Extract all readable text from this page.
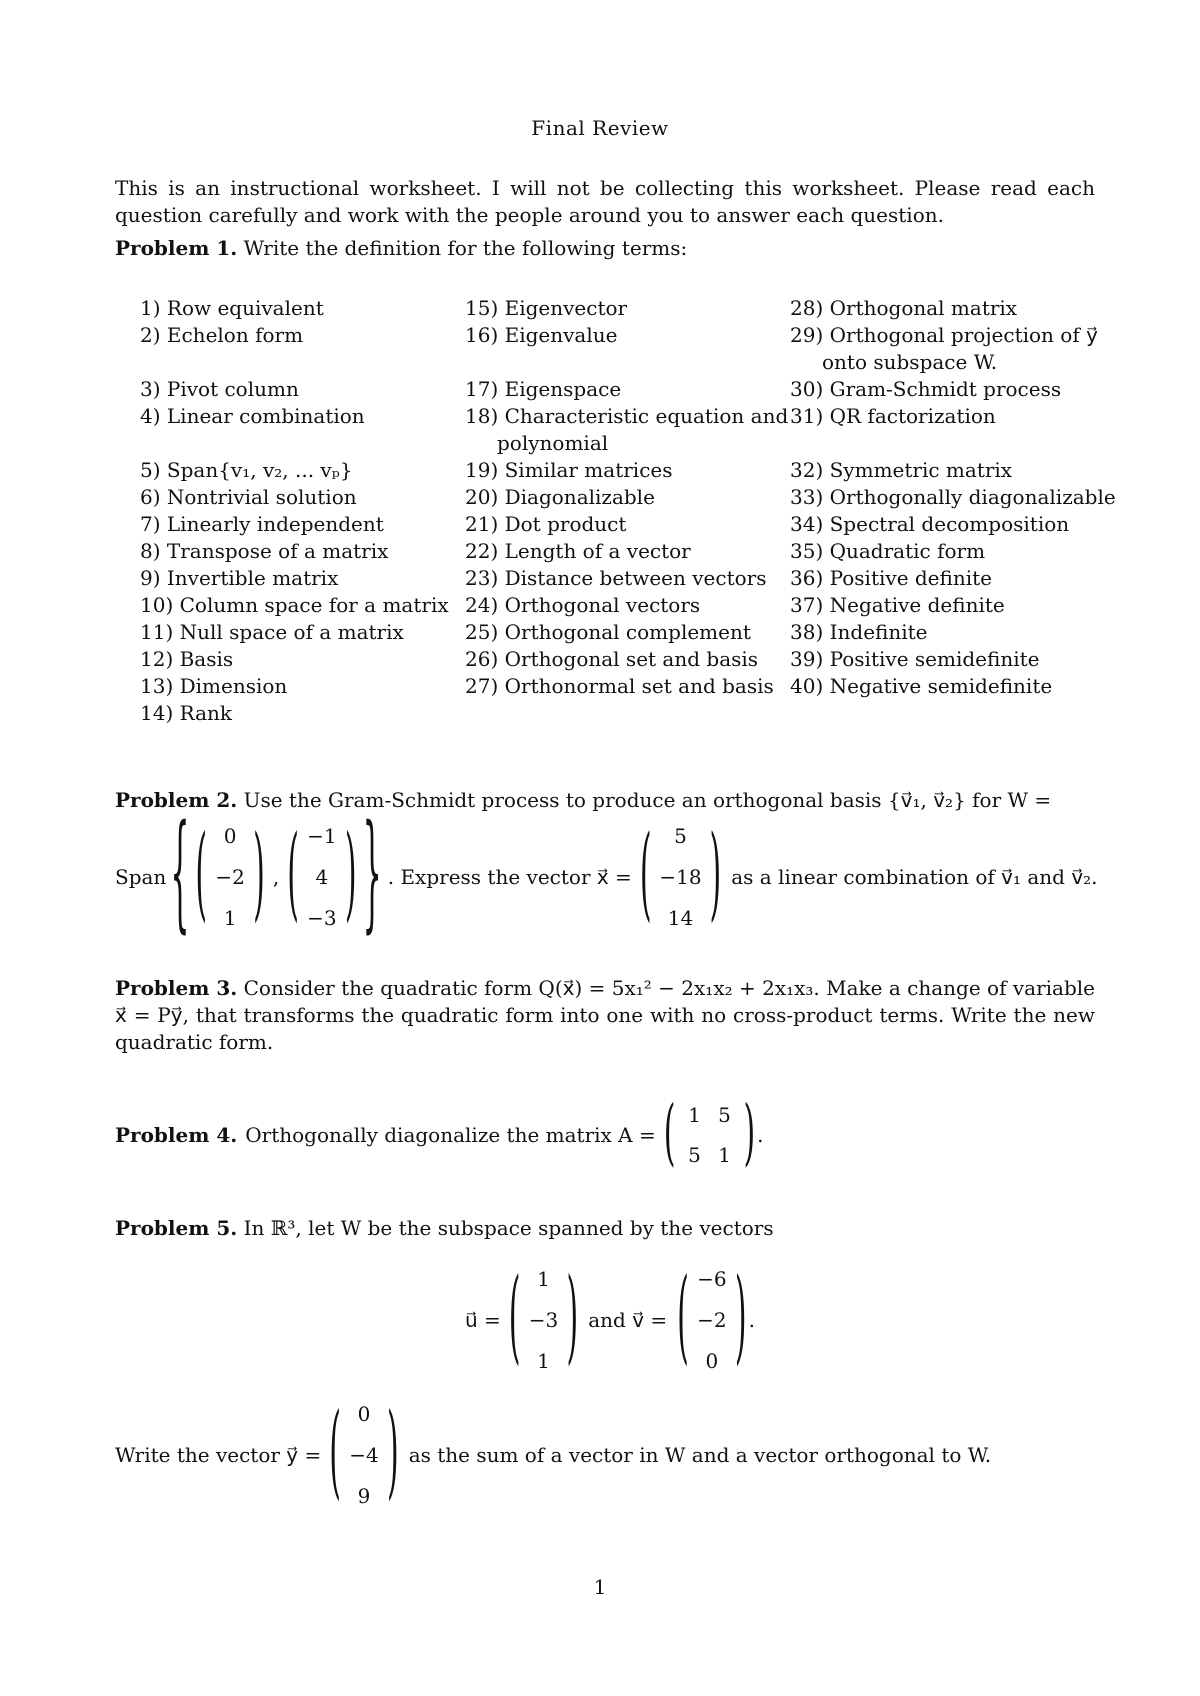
Final Review
This is an instructional worksheet. I will not be collecting this worksheet. Please read each question carefully and work with the people around you to answer each question.
Problem 1. Write the definition for the following terms:
1) Row equivalent
2) Echelon form
3) Pivot column
4) Linear combination
5) Span{v₁, v₂, ... vₚ}
6) Nontrivial solution
7) Linearly independent
8) Transpose of a matrix
9) Invertible matrix
10) Column space for a matrix
11) Null space of a matrix
12) Basis
13) Dimension
14) Rank
15) Eigenvector
16) Eigenvalue
17) Eigenspace
18) Characteristic equation and
polynomial
19) Similar matrices
20) Diagonalizable
21) Dot product
22) Length of a vector
23) Distance between vectors
24) Orthogonal vectors
25) Orthogonal complement
26) Orthogonal set and basis
27) Orthonormal set and basis
28) Orthogonal matrix
29) Orthogonal projection of y⃗
onto subspace W.
30) Gram-Schmidt process
31) QR factorization
32) Symmetric matrix
33) Orthogonally diagonalizable
34) Spectral decomposition
35) Quadratic form
36) Positive definite
37) Negative definite
38) Indefinite
39) Positive semidefinite
40) Negative semidefinite
Problem 2. Use the Gram-Schmidt process to produce an orthogonal basis {v⃗₁, v⃗₂} for W =
Span { ( 0
−2
1 ) , ( −1
4
−3 ) } . Express the vector x⃗ = (	5
−18
14 ) as a linear combination of v⃗₁ and v⃗₂.
Problem 3. Consider the quadratic form Q(x⃗) = 5x₁² − 2x₁x₂ + 2x₁x₃. Make a change of variable x⃗ = Py⃗, that transforms the quadratic form into one with no cross-product terms. Write the new quadratic form.
Problem 4. Orthogonally diagonalize the matrix A = ( 1 5
5 1 ) .
Problem 5. In ℝ³, let W be the subspace spanned by the vectors
u⃗ = ( 1
−3
1 ) and v⃗ = ( −6
−2
0 ) .
Write the vector y⃗ = ( 0
−4
9 ) as the sum of a vector in W and a vector orthogonal to W.
1
